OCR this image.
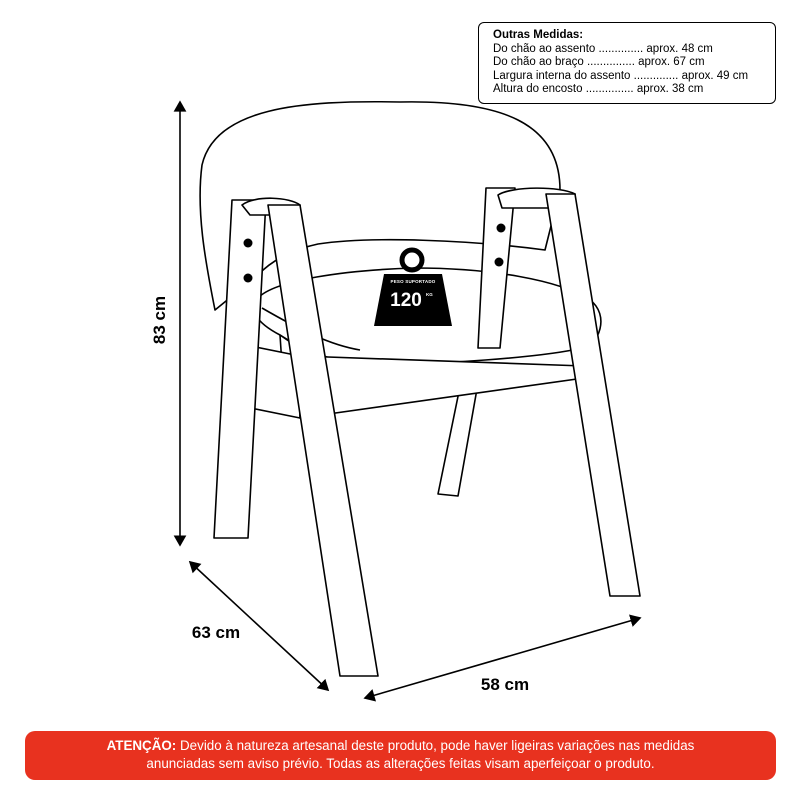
Outras Medidas:
Do chão ao assento .............. aprox. 48 cm
Do chão ao braço ............... aprox. 67 cm
Largura interna do assento .............. aprox. 49 cm
Altura do encosto ............... aprox. 38 cm
83 cm
63 cm
58 cm
PESO SUPORTADO
120 KG
ATENÇÃO: Devido à natureza artesanal deste produto, pode haver ligeiras variações nas medidas
anunciadas sem aviso prévio. Todas as alterações feitas visam aperfeiçoar o produto.
